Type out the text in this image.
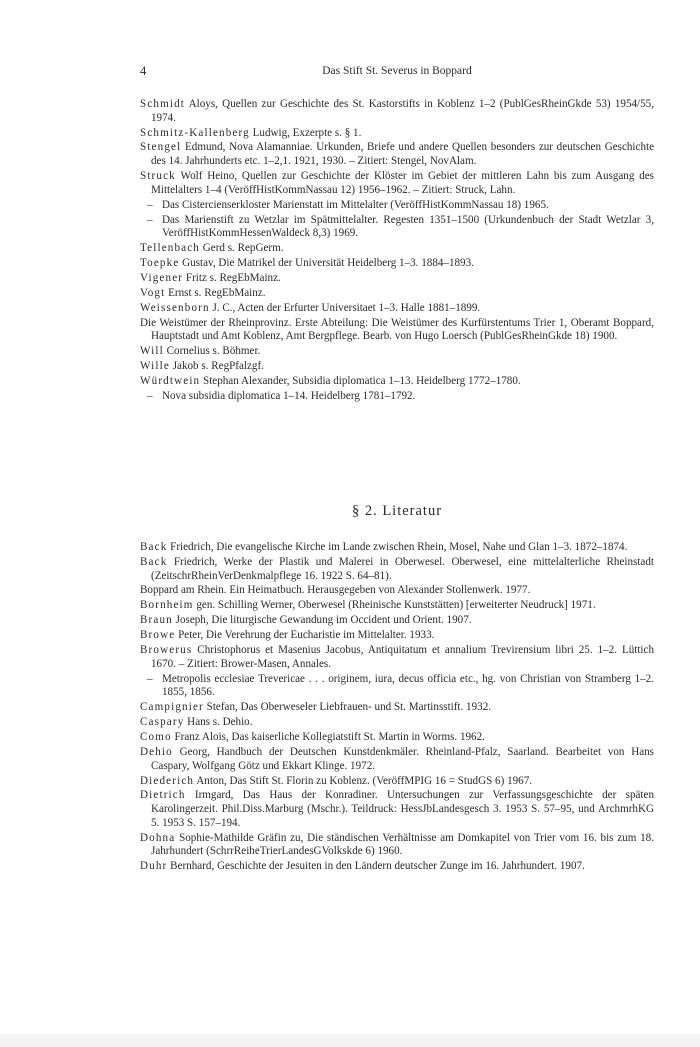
4	Das Stift St. Severus in Boppard

Schmidt Aloys, Quellen zur Geschichte des St. Kastorstifts in Koblenz 1–2 (PublGesRheinGkde 53) 1954/55, 1974.

Schmitz-Kallenberg Ludwig, Exzerpte s. § 1.

Stengel Edmund, Nova Alamanniae. Urkunden, Briefe und andere Quellen besonders zur deutschen Geschichte des 14. Jahrhunderts etc. 1–2,1. 1921, 1930. – Zitiert: Stengel, NovAlam.

Struck Wolf Heino, Quellen zur Geschichte der Klöster im Gebiet der mittleren Lahn bis zum Ausgang des Mittelalters 1–4 (VeröffHistKommNassau 12) 1956–1962. – Zitiert: Struck, Lahn.

– Das Cistercienserkloster Marienstatt im Mittelalter (VeröffHistKommNassau 18) 1965.

– Das Marienstift zu Wetzlar im Spätmittelalter. Regesten 1351–1500 (Urkundenbuch der Stadt Wetzlar 3, VeröffHistKommHessenWaldeck 8,3) 1969.

Tellenbach Gerd s. RepGerm.

Toepke Gustav, Die Matrikel der Universität Heidelberg 1–3. 1884–1893.

Vigener Fritz s. RegEbMainz.

Vogt Ernst s. RegEbMainz.

Weissenborn J. C., Acten der Erfurter Universitaet 1–3. Halle 1881–1899.

Die Weistümer der Rheinprovinz. Erste Abteilung: Die Weistümer des Kurfürstentums Trier 1, Oberamt Boppard, Hauptstadt und Amt Koblenz, Amt Bergpflege. Bearb. von Hugo Loersch (PublGesRheinGkde 18) 1900.

Will Cornelius s. Böhmer.

Wille Jakob s. RegPfalzgf.

Würdtwein Stephan Alexander, Subsidia diplomatica 1–13. Heidelberg 1772–1780.

– Nova subsidia diplomatica 1–14. Heidelberg 1781–1792.

§ 2. Literatur

Back Friedrich, Die evangelische Kirche im Lande zwischen Rhein, Mosel, Nahe und Glan 1–3. 1872–1874.

Back Friedrich, Werke der Plastik und Malerei in Oberwesel. Oberwesel, eine mittelalterliche Rheinstadt (ZeitschrRheinVerDenkmalpflege 16. 1922 S. 64–81).

Boppard am Rhein. Ein Heimatbuch. Herausgegeben von Alexander Stollenwerk. 1977.

Bornheim gen. Schilling Werner, Oberwesel (Rheinische Kunststätten) [erweiterter Neudruck] 1971.

Braun Joseph, Die liturgische Gewandung im Occident und Orient. 1907.

Browe Peter, Die Verehrung der Eucharistie im Mittelalter. 1933.

Browerus Christophorus et Masenius Jacobus, Antiquitatum et annalium Trevirensium libri 25. 1–2. Lüttich 1670. – Zitiert: Brower-Masen, Annales.

– Metropolis ecclesiae Trevericae . . . originem, iura, decus officia etc., hg. von Christian von Stramberg 1–2. 1855, 1856.

Campignier Stefan, Das Oberweseler Liebfrauen- und St. Martinsstift. 1932.

Caspary Hans s. Dehio.

Como Franz Alois, Das kaiserliche Kollegiatstift St. Martin in Worms. 1962.

Dehio Georg, Handbuch der Deutschen Kunstdenkmäler. Rheinland-Pfalz, Saarland. Bearbeitet von Hans Caspary, Wolfgang Götz und Ekkart Klinge. 1972.

Diederich Anton, Das Stift St. Florin zu Koblenz. (VeröffMPIG 16 = StudGS 6) 1967.

Dietrich Irmgard, Das Haus der Konradiner. Untersuchungen zur Verfassungsgeschichte der späten Karolingerzeit. Phil.Diss.Marburg (Mschr.). Teildruck: HessJbLandesgesch 3. 1953 S. 57–95, und ArchmrhKG 5. 1953 S. 157–194.

Dohna Sophie-Mathilde Gräfin zu, Die ständischen Verhältnisse am Domkapitel von Trier vom 16. bis zum 18. Jahrhundert (SchrrReiheTrierLandesGVolkskde 6) 1960.

Duhr Bernhard, Geschichte der Jesuiten in den Ländern deutscher Zunge im 16. Jahrhundert. 1907.
